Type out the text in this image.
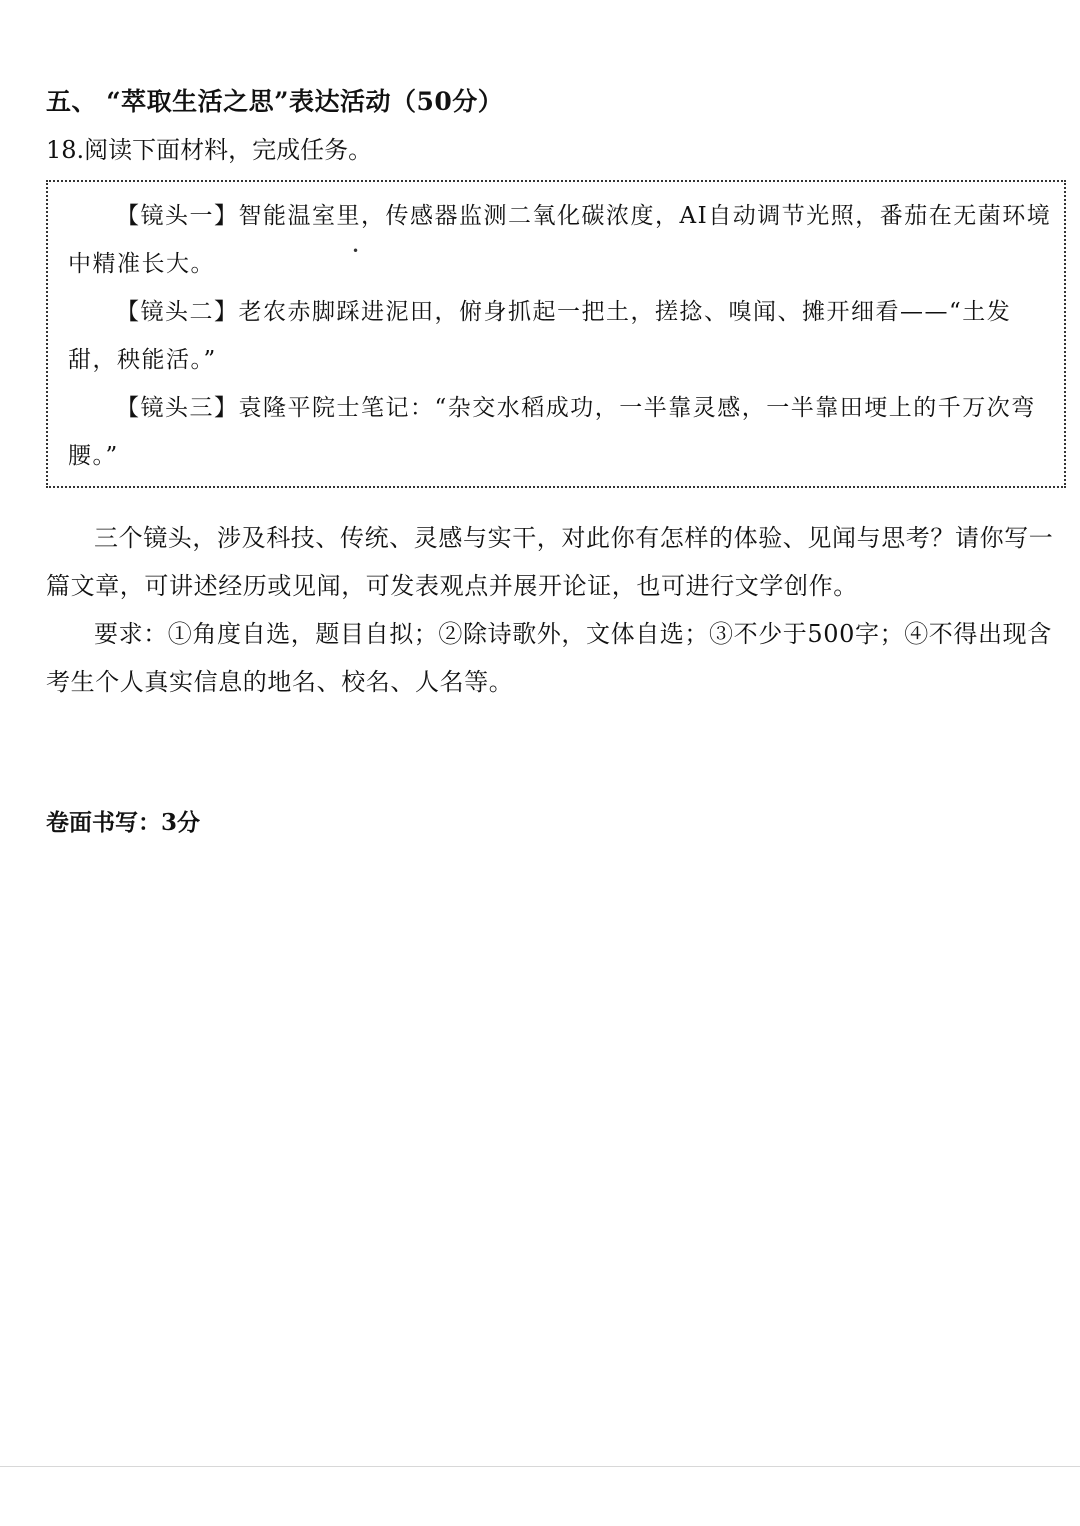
五、 “萃取生活之思”表达活动（50分）
18.阅读下面材料，完成任务。
【镜头一】智能温室里，传感器监测二氧化碳浓度，AI自动调节光照，番茄在无菌环境中精准长大。
【镜头二】老农赤脚踩进泥田，俯身抓起一把土，搓捻、嗅闻、摊开细看——“土发甜，秧能活。”
【镜头三】袁隆平院士笔记：“杂交水稻成功，一半靠灵感，一半靠田埂上的千万次弯腰。”
•
三个镜头，涉及科技、传统、灵感与实干，对此你有怎样的体验、见闻与思考？请你写一篇文章，可讲述经历或见闻，可发表观点并展开论证，也可进行文学创作。
要求：①角度自选，题目自拟；②除诗歌外，文体自选；③不少于500字；④不得出现含考生个人真实信息的地名、校名、人名等。
卷面书写：3分
